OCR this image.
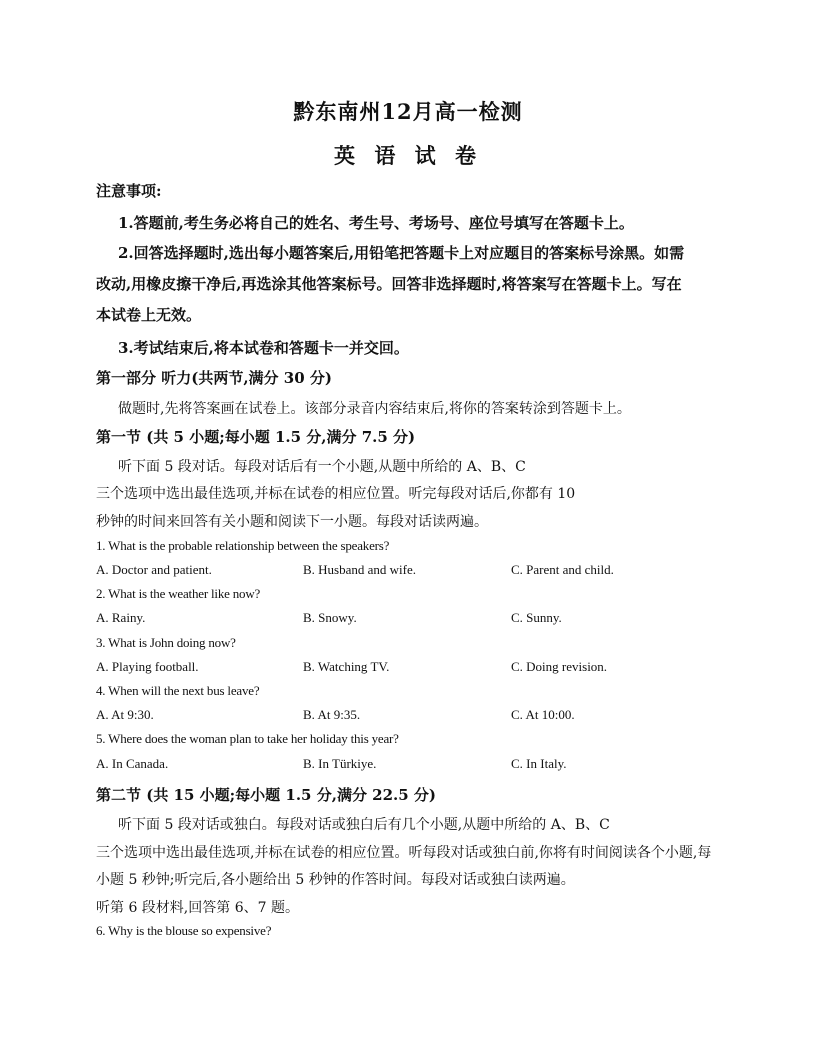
黔东南州12月高一检测
英 语 试 卷
注意事项:
1.答题前,考生务必将自己的姓名、考生号、考场号、座位号填写在答题卡上。
2.回答选择题时,选出每小题答案后,用铅笔把答题卡上对应题目的答案标号涂黑。如需
改动,用橡皮擦干净后,再选涂其他答案标号。回答非选择题时,将答案写在答题卡上。写在
本试卷上无效。
3.考试结束后,将本试卷和答题卡一并交回。
第一部分 听力(共两节,满分 30 分)
做题时,先将答案画在试卷上。该部分录音内容结束后,将你的答案转涂到答题卡上。
第一节 (共 5 小题;每小题 1.5 分,满分 7.5 分)
听下面 5 段对话。每段对话后有一个小题,从题中所给的 A、B、C
三个选项中选出最佳选项,并标在试卷的相应位置。听完每段对话后,你都有 10
秒钟的时间来回答有关小题和阅读下一小题。每段对话读两遍。
1. What is the probable relationship between the speakers?
A. Doctor and patient.	B. Husband and wife.	C. Parent and child.
2. What is the weather like now?
A. Rainy.	B. Snowy.	C. Sunny.
3. What is John doing now?
A. Playing football.	B. Watching TV.	C. Doing revision.
4. When will the next bus leave?
A. At 9:30.	B. At 9:35.	C. At 10:00.
5. Where does the woman plan to take her holiday this year?
A. In Canada.	B. In Türkiye.	C. In Italy.
第二节 (共 15 小题;每小题 1.5 分,满分 22.5 分)
听下面 5 段对话或独白。每段对话或独白后有几个小题,从题中所给的 A、B、C
三个选项中选出最佳选项,并标在试卷的相应位置。听每段对话或独白前,你将有时间阅读各个小题,每
小题 5 秒钟;听完后,各小题给出 5 秒钟的作答时间。每段对话或独白读两遍。
听第 6 段材料,回答第 6、7 题。
6. Why is the blouse so expensive?
